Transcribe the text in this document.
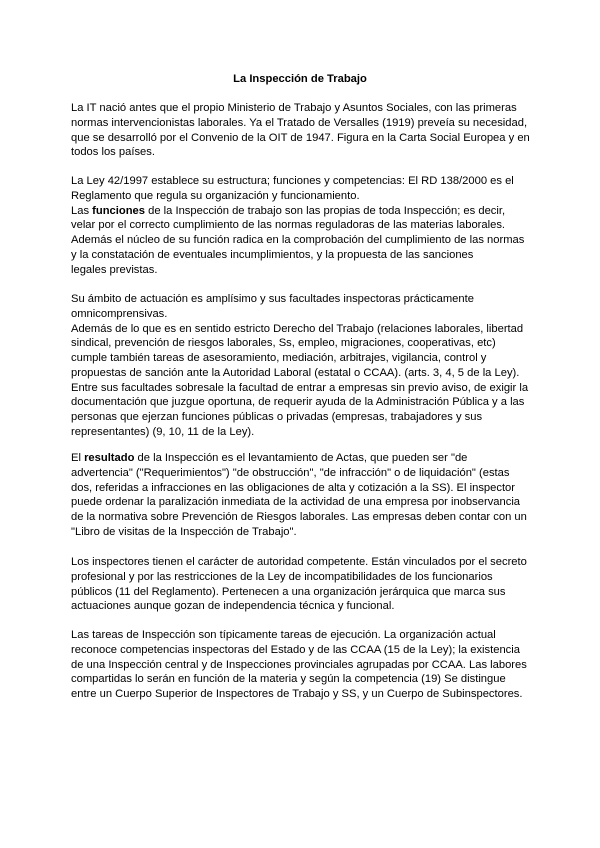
La Inspección de Trabajo
La IT nació antes que el propio Ministerio de Trabajo y Asuntos Sociales, con las primeras
normas intervencionistas laborales. Ya el Tratado de Versalles (1919) preveía su necesidad,
que se desarrolló por el Convenio de la OIT de 1947. Figura en la Carta Social Europea y en
todos los países.
La Ley 42/1997 establece su estructura; funciones y competencias: El RD 138/2000 es el
Reglamento que regula su organización y funcionamiento.
Las funciones de la Inspección de trabajo son las propias de toda Inspección; es decir,
velar por el correcto cumplimiento de las normas reguladoras de las materias laborales.
Además el núcleo de su función radica en la comprobación del cumplimiento de las normas
y la constatación de eventuales incumplimientos, y la propuesta de las sanciones
legales previstas.
Su ámbito de actuación es amplísimo y sus facultades inspectoras prácticamente
omnicomprensivas.
Además de lo que es en sentido estricto Derecho del Trabajo (relaciones laborales, libertad
sindical, prevención de riesgos laborales, Ss, empleo, migraciones, cooperativas, etc)
cumple también tareas de asesoramiento, mediación, arbitrajes, vigilancia, control y
propuestas de sanción ante la Autoridad Laboral (estatal o CCAA). (arts. 3, 4, 5 de la Ley).
Entre sus facultades sobresale la facultad de entrar a empresas sin previo aviso, de exigir la
documentación que juzgue oportuna, de requerir ayuda de la Administración Pública y a las
personas que ejerzan funciones públicas o privadas (empresas, trabajadores y sus
representantes) (9, 10, 11 de la Ley).
El resultado de la Inspección es el levantamiento de Actas, que pueden ser "de
advertencia" ("Requerimientos") "de obstrucción", "de infracción" o de liquidación" (estas
dos, referidas a infracciones en las obligaciones de alta y cotización a la SS). El inspector
puede ordenar la paralización inmediata de la actividad de una empresa por inobservancia
de la normativa sobre Prevención de Riesgos laborales. Las empresas deben contar con un
"Libro de visitas de la Inspección de Trabajo".
Los inspectores tienen el carácter de autoridad competente. Están vinculados por el secreto
profesional y por las restricciones de la Ley de incompatibilidades de los funcionarios
públicos (11 del Reglamento). Pertenecen a una organización jerárquica que marca sus
actuaciones aunque gozan de independencia técnica y funcional.
Las tareas de Inspección son típicamente tareas de ejecución. La organización actual
reconoce competencias inspectoras del Estado y de las CCAA (15 de la Ley); la existencia
de una Inspección central y de Inspecciones provinciales agrupadas por CCAA. Las labores
compartidas lo serán en función de la materia y según la competencia (19) Se distingue
entre un Cuerpo Superior de Inspectores de Trabajo y SS, y un Cuerpo de Subinspectores.
